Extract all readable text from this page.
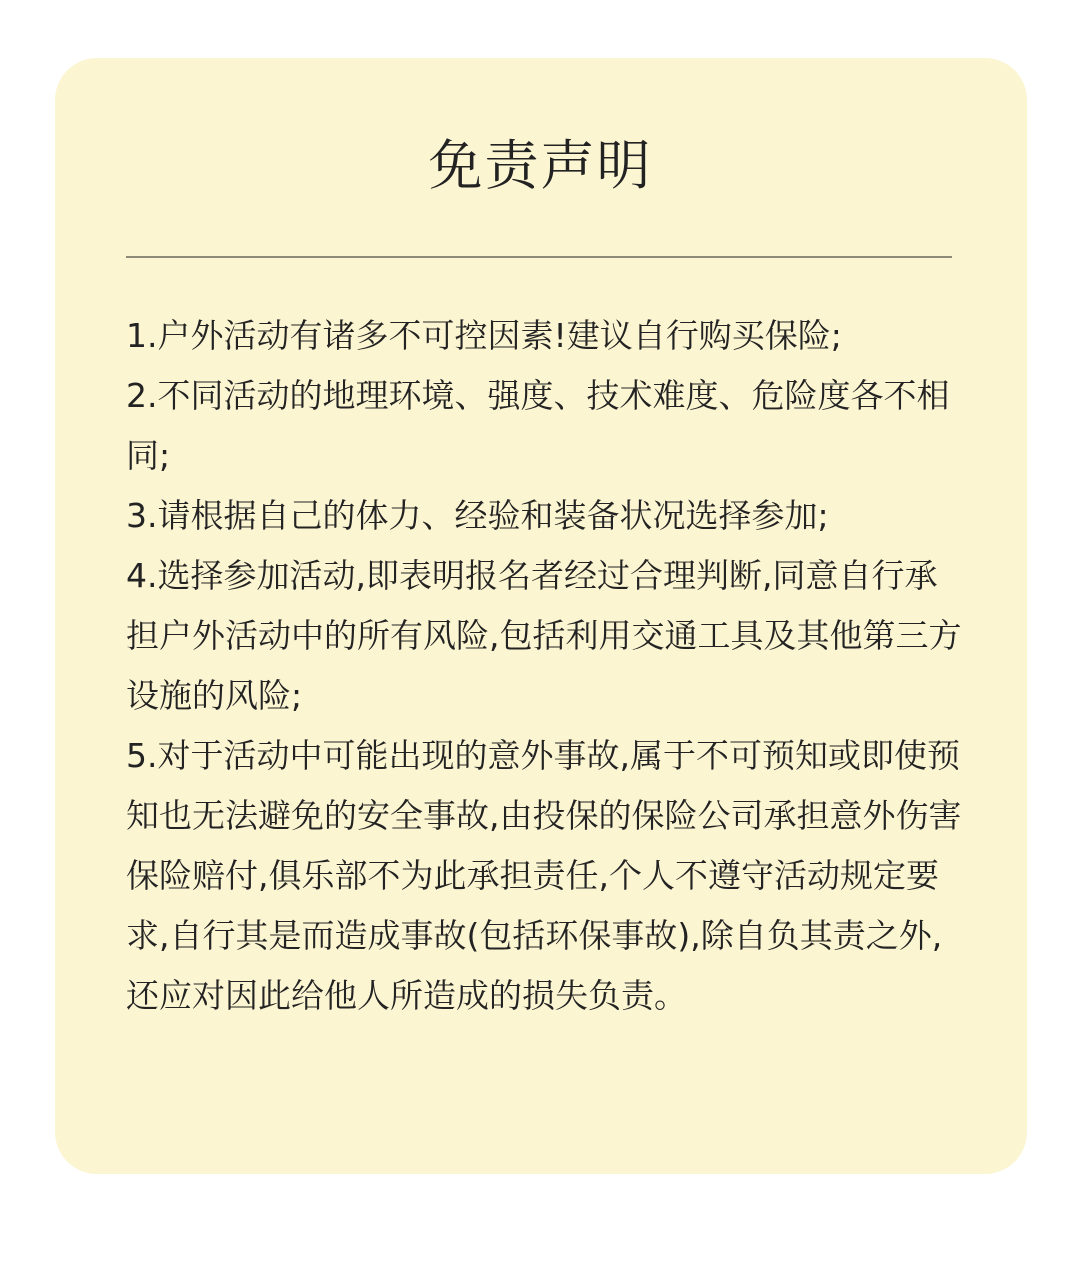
免责声明

1.户外活动有诸多不可控因素!建议自行购买保险;

2.不同活动的地理环境、强度、技术难度、危险度各不相同;

3.请根据自己的体力、经验和装备状况选择参加;

4.选择参加活动,即表明报名者经过合理判断,同意自行承担户外活动中的所有风险,包括利用交通工具及其他第三方设施的风险;

5.对于活动中可能出现的意外事故,属于不可预知或即使预知也无法避免的安全事故,由投保的保险公司承担意外伤害保险赔付,俱乐部不为此承担责任,个人不遵守活动规定要求,自行其是而造成事故(包括环保事故),除自负其责之外,还应对因此给他人所造成的损失负责。
